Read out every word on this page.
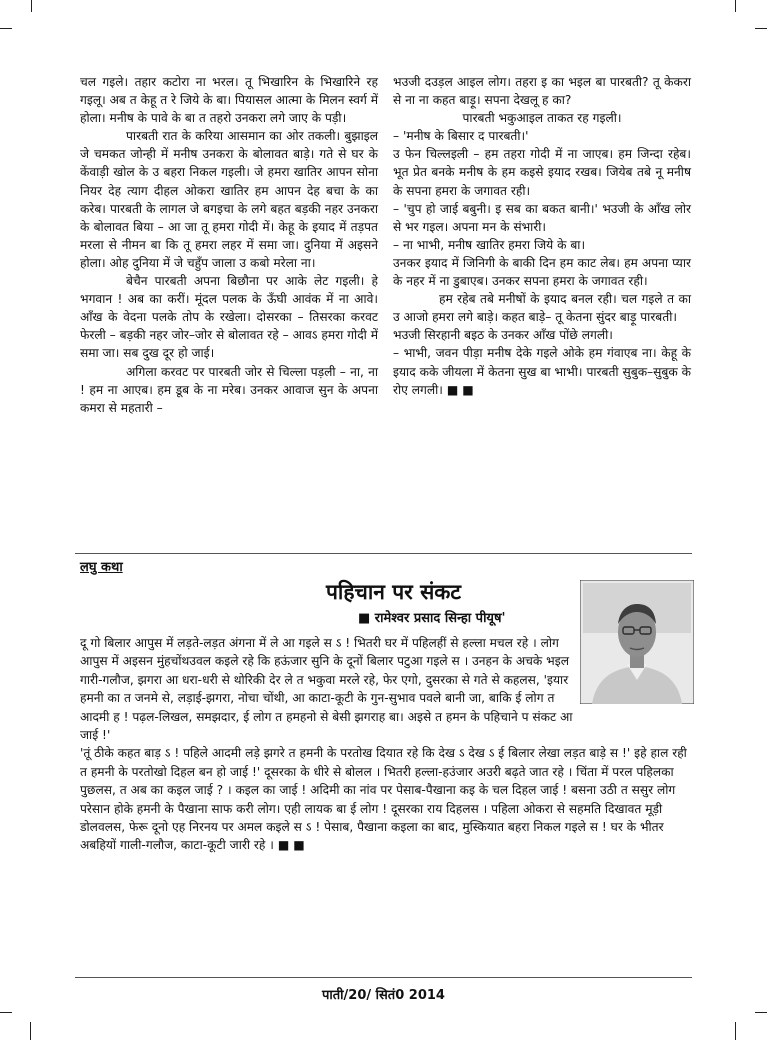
चल गइले। तहार कटोरा ना भरल। तू भिखारिन के भिखारिने रह गइलू। अब त केहू त रे जिये के बा। पियासल आत्मा के मिलन स्वर्ग में होला। मनीष के पावे के बा त तहरो उनकरा लगे जाए के पड़ी।

पारबती रात के करिया आसमान का ओर तकली। बुझाइल जे चमकत जोन्ही में मनीष उनकरा के बोलावत बाड़े। गते से घर के केंवाड़ी खोल के उ बहरा निकल गइली। जे हमरा खातिर आपन सोना नियर देह त्याग दीहल ओकरा खातिर हम आपन देह बचा के का करेब। पारबती के लागल जे बगइचा के लगे बहत बड़की नहर उनकरा के बोलावत बिया – आ जा तू हमरा गोदी में। केहू के इयाद में तड़पत मरला से नीमन बा कि तू हमरा लहर में समा जा। दुनिया में अइसने होला। ओह दुनिया में जे चहुँप जाला उ कबो मरेला ना।

बेचैन पारबती अपना बिछौना पर आके लेट गइली। हे भगवान ! अब का करीं। मूंदल पलक के ऊँघी आवंक में ना आवे। आँख के वेदना पलके तोप के रखेला। दोसरका – तिसरका करवट फेरली – बड़की नहर जोर–जोर से बोलावत रहे – आवऽ हमरा गोदी में समा जा। सब दुख दूर हो जाई।

अगिला करवट पर पारबती जोर से चिल्ला पड़ली – ना, ना ! हम ना आएब। हम डूब के ना मरेब। उनकर आवाज सुन के अपना कमरा से महतारी –

भउजी दउड़ल आइल लोग। तहरा इ का भइल बा पारबती? तू केकरा से ना ना कहत बाड़ू। सपना देखलू ह का?

पारबती भकुआइल ताकत रह गइली।

– 'मनीष के बिसार द पारबती।'

उ फेन चिल्लइली – हम तहरा गोदी में ना जाएब। हम जिन्दा रहेब। भूत प्रेत बनके मनीष के हम कइसे इयाद रखब। जियेब तबे नू मनीष के सपना हमरा के जगावत रही।

– 'चुप हो जाई बबुनी। इ सब का बकत बानी।' भउजी के आँख लोर से भर गइल। अपना मन के संभारी।

– ना भाभी, मनीष खातिर हमरा जिये के बा।

उनकर इयाद में जिनिगी के बाकी दिन हम काट लेब। हम अपना प्यार के नहर में ना डुबाएब। उनकर सपना हमरा के जगावत रही।

हम रहेब तबे मनीषों के इयाद बनल रही। चल गइले त का उ आजो हमरा लगे बाड़े। कहत बाड़े– तू केतना सुंदर बाड़ू पारबती।

भउजी सिरहानी बइठ के उनकर आँख पोंछे लगली।

– भाभी, जवन पीड़ा मनीष देके गइले ओके हम गंवाएब ना। केहू के इयाद कके जीयला में केतना सुख बा भाभी। पारबती सुबुक–सुबुक के रोए लगली। ■ ■

लघु कथा
पहिचान पर संकट
■ रामेश्वर प्रसाद सिन्हा पीयूष'

दू गो बिलार आपुस में लड़ते-लड़त अंगना में ले आ गइले स ऽ ! भितरी घर में पहिलहीं से हल्ला मचल रहे । लोग आपुस में अइसन मुंहचोंथउवल कइले रहे कि हऊंजार सुनि के दूनों बिलार पटुआ गइले स । उनहन के अचके भइल गारी-गलौज, झगरा आ धरा-धरी से थोरिकी देर ले त भकुवा मरले रहे, फेर एगो, दुसरका से गते से कहलस, 'इयार हमनी का त जनमे से, लड़ाई-झगरा, नोचा चोंथी, आ काटा-कूटी के गुन-सुभाव पवले बानी जा, बाकि ई लोग त आदमी ह ! पढ़ल-लिखल, समझदार, ई लोग त हमहनो से बेसी झगराह बा। अइसे त हमन के पहिचाने प संकट आ जाई !'

'तूं ठीके कहत बाड़ ऽ ! पहिले आदमी लड़े झगरे त हमनी के परतोख दियात रहे कि देख ऽ देख ऽ ई बिलार लेखा लड़त बाड़े स !' इहे हाल रही त हमनी के परतोखो दिहल बन हो जाई !' दूसरका के धीरे से बोलल । भितरी हल्ला-हउंजार अउरी बढ़ते जात रहे । चिंता में परल पहिलका पुछलस, त अब का कइल जाई ? । कइल का जाई ! अदिमी का नांव पर पेसाब-पैखाना कइ के चल दिहल जाई ! बसना उठी त ससुर लोग परेसान होके हमनी के पैखाना साफ करी लोग। एही लायक बा ई लोग ! दूसरका राय दिहलस । पहिला ओकरा से सहमति दिखावत मूड़ी डोलवलस, फेरू दूनो एह निरनय पर अमल कइले स ऽ ! पेसाब, पैखाना कइला का बाद, मुस्कियात बहरा निकल गइले स ! घर के भीतर अबहियों गाली-गलौज, काटा-कूटी जारी रहे । ■ ■

पाती/20/ सितं0 2014
